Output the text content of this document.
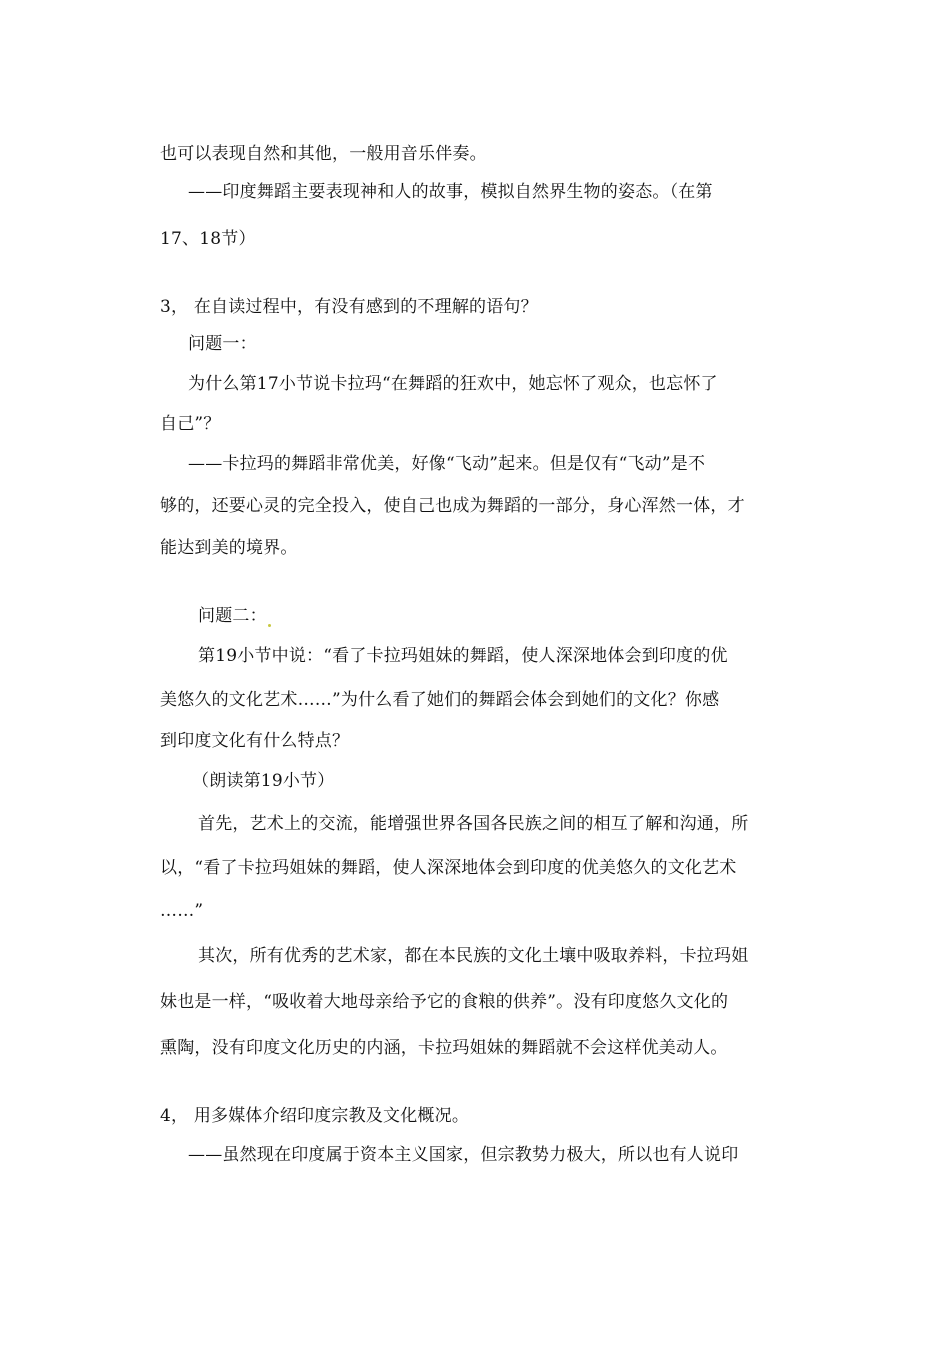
也可以表现自然和其他，一般用音乐伴奏。
——印度舞蹈主要表现神和人的故事，模拟自然界生物的姿态。（在第
17、18节）
3， 在自读过程中，有没有感到的不理解的语句？
问题一：
为什么第17小节说卡拉玛“在舞蹈的狂欢中，她忘怀了观众，也忘怀了
自己”？
——卡拉玛的舞蹈非常优美，好像“飞动”起来。但是仅有“飞动”是不
够的，还要心灵的完全投入，使自己也成为舞蹈的一部分，身心浑然一体，才
能达到美的境界。
问题二：
第19小节中说：“看了卡拉玛姐妹的舞蹈，使人深深地体会到印度的优
美悠久的文化艺术……”为什么看了她们的舞蹈会体会到她们的文化？你感
到印度文化有什么特点？
（朗读第19小节）
首先，艺术上的交流，能增强世界各国各民族之间的相互了解和沟通，所
以，“看了卡拉玛姐妹的舞蹈，使人深深地体会到印度的优美悠久的文化艺术
……”
其次，所有优秀的艺术家，都在本民族的文化土壤中吸取养料，卡拉玛姐
妹也是一样，“吸收着大地母亲给予它的食粮的供养”。没有印度悠久文化的
熏陶，没有印度文化历史的内涵，卡拉玛姐妹的舞蹈就不会这样优美动人。
4， 用多媒体介绍印度宗教及文化概况。
——虽然现在印度属于资本主义国家，但宗教势力极大，所以也有人说印
